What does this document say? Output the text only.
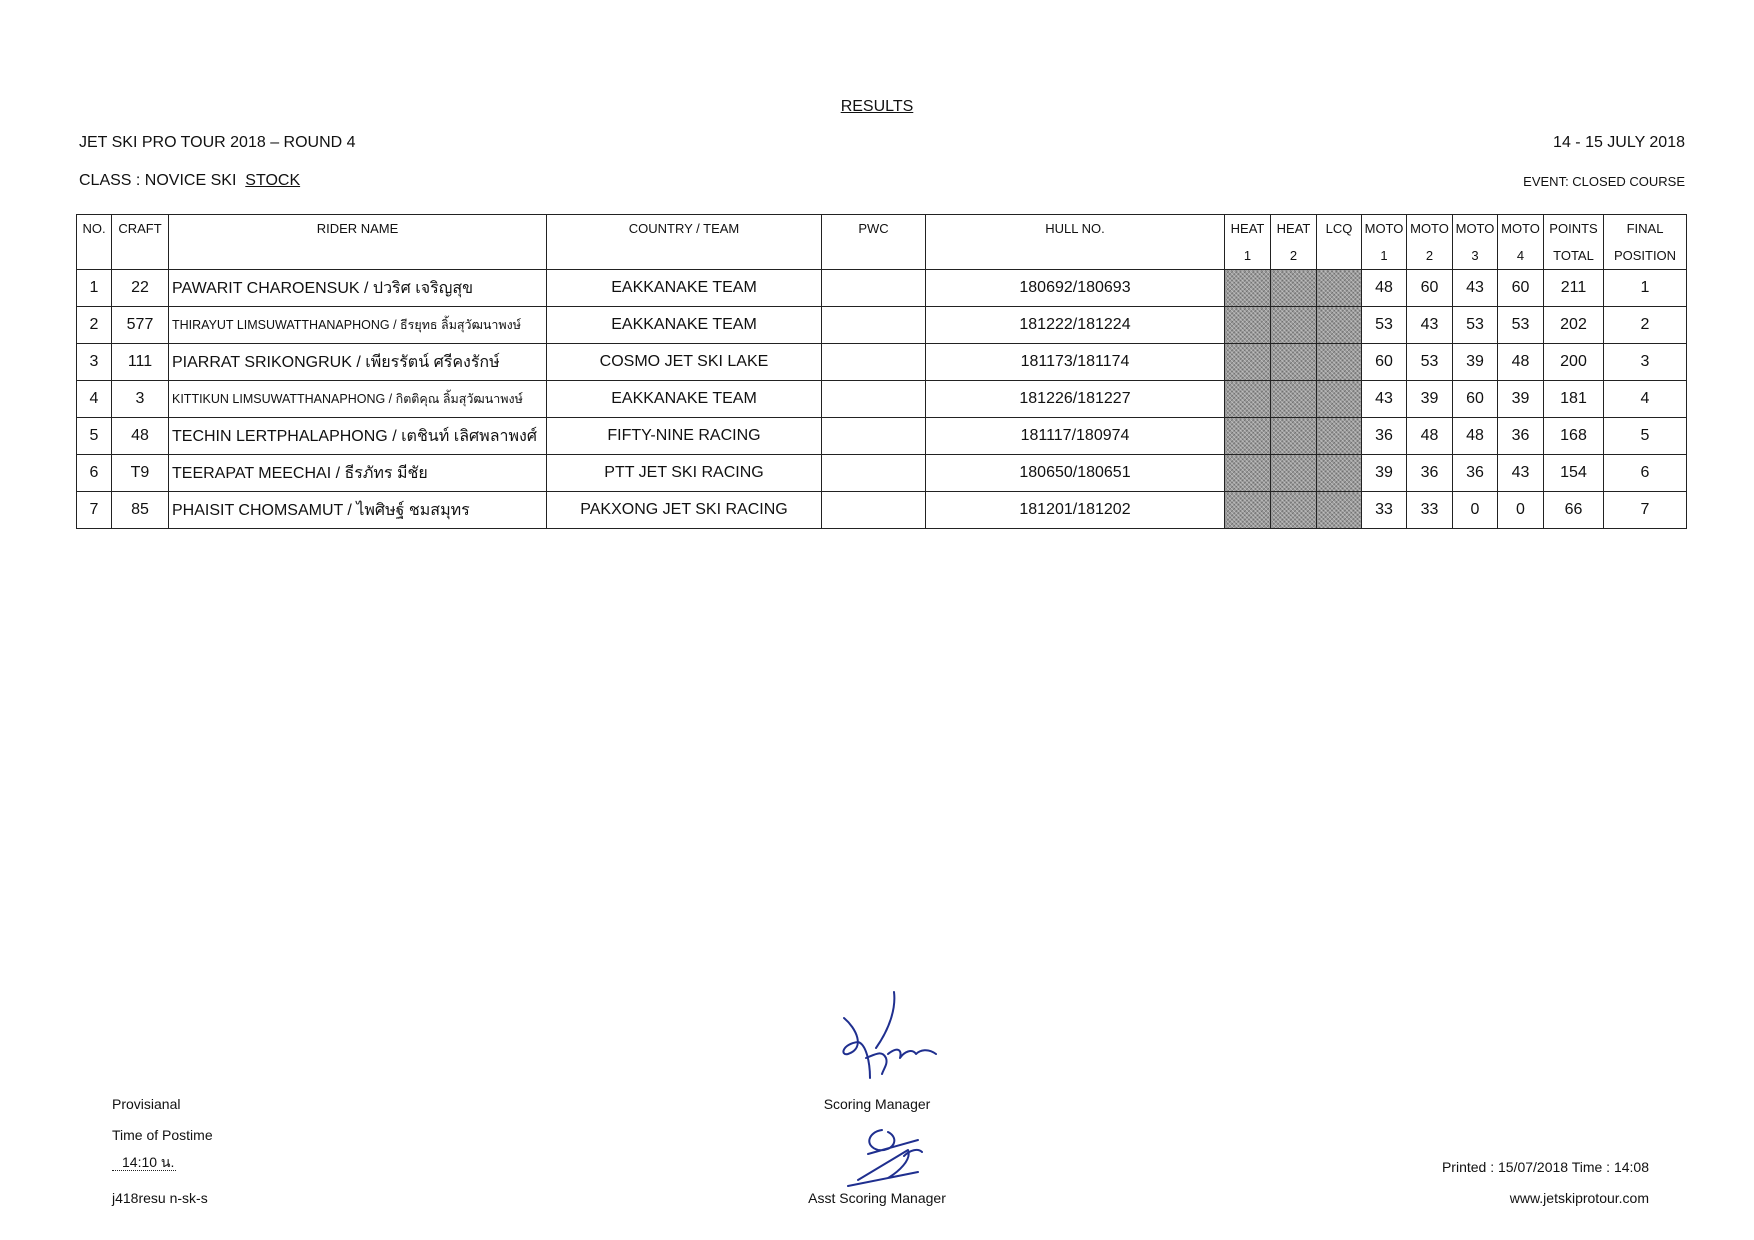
RESULTS
JET SKI PRO TOUR 2018 – ROUND 4	14 - 15 JULY 2018
CLASS : NOVICE SKI STOCK	EVENT: CLOSED COURSE
NO.	CRAFT	RIDER NAME	COUNTRY / TEAM	PWC	HULL NO.	HEAT	HEAT	LCQ	MOTO	MOTO	MOTO	MOTO	POINTS	FINAL
						1	2		1	2	3	4	TOTAL	POSITION
1	22	PAWARIT CHAROENSUK / ปวริศ เจริญสุข	EAKKANAKE TEAM		180692/180693				48	60	43	60	211	1
2	577	THIRAYUT LIMSUWATTHANAPHONG / ธีรยุทธ ลิ้มสุวัฒนาพงษ์	EAKKANAKE TEAM		181222/181224				53	43	53	53	202	2
3	111	PIARRAT SRIKONGRUK / เพียรรัตน์ ศรีคงรักษ์	COSMO JET SKI LAKE		181173/181174				60	53	39	48	200	3
4	3	KITTIKUN LIMSUWATTHANAPHONG / กิตติคุณ ลิ้มสุวัฒนาพงษ์	EAKKANAKE TEAM		181226/181227				43	39	60	39	181	4
5	48	TECHIN LERTPHALAPHONG / เตชินท์ เลิศพลาพงศ์	FIFTY-NINE RACING		181117/180974				36	48	48	36	168	5
6	T9	TEERAPAT MEECHAI / ธีรภัทร มีชัย	PTT JET SKI RACING		180650/180651				39	36	36	43	154	6
7	85	PHAISIT CHOMSAMUT / ไพศิษฐ์ ชมสมุทร	PAKXONG JET SKI RACING		181201/181202				33	33	0	0	66	7
Provisianal
Time of Postime
14:10 น.
j418resu n-sk-s
Scoring Manager
Asst Scoring Manager
Printed : 15/07/2018 Time : 14:08
www.jetskiprotour.com
